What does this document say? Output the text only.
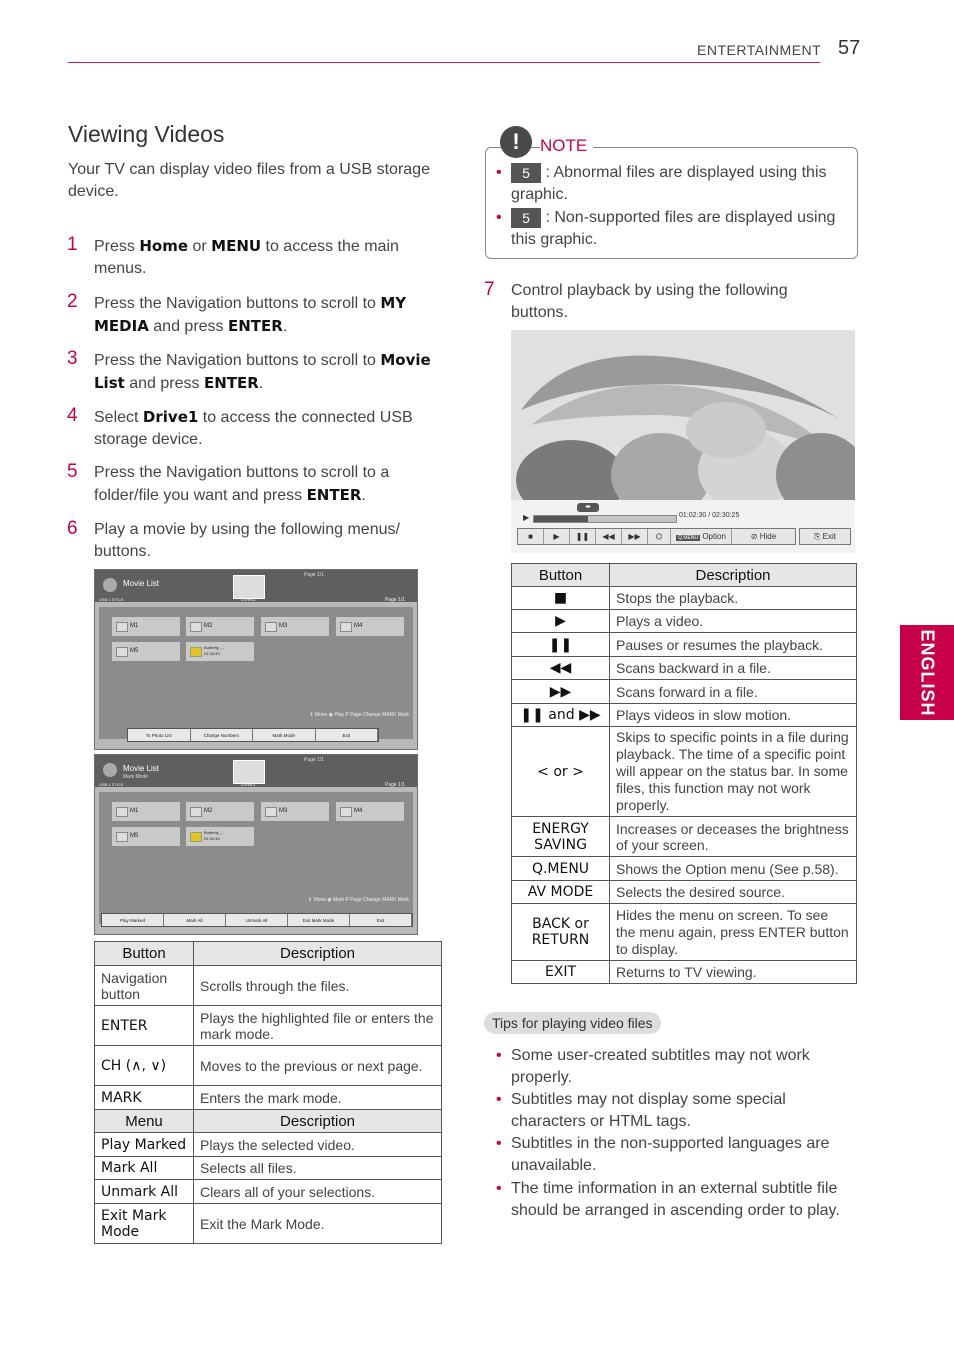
ENTERTAINMENT 57
ENGLISH
Viewing Videos
Your TV can display video files from a USB storage device.
1 Press Home or MENU to access the main menus.
2 Press the Navigation buttons to scroll to MY MEDIA and press ENTER.
3 Press the Navigation buttons to scroll to Movie List and press ENTER.
4 Select Drive1 to access the connected USB storage device.
5 Press the Navigation buttons to scroll to a folder/file you want and press ENTER.
6 Play a movie by using the following menus/ buttons.
Movie List
Page 1/1
USB 1 STICK	Drive1	Page 1/1
M1	M2	M3	M4
M5
Butterfly_...
01:34:33
⇕ Move ◉ Play P Page Change MARK Mark
To Photo List	Change Numbers	Mark Mode	Exit
Movie List
Mark Mode
Page 1/1
USB 1 STICK	Drive1	Page 1/1
M1	M2	M3	M4
M5
Butterfly_...
01:34:33
⇕ Move ◉ Mark P Page Change MARK Mark
Play Marked	Mark All	Unmark All	Exit Mark Mode	Exit
Button	Description
Navigation button	Scrolls through the files.
ENTER	Plays the highlighted file or enters the mark mode.
CH (∧, ∨)	Moves to the previous or next page.
MARK	Enters the mark mode.
Menu	Description
Play Marked	Plays the selected video.
Mark All	Selects all files.
Unmark All	Clears all of your selections.
Exit Mark Mode	Exit the Mark Mode.
!	NOTE
• 5 : Abnormal files are displayed using this graphic.
• 5 : Non-supported files are displayed using this graphic.
7 Control playback by using the following buttons.
▶
◂▸
01:02:30 / 02:30:25
■	▶	❚❚	◀◀	▶▶	⌬	Q.MENU Option	⊘ Hide	⎘ Exit
Button	Description
■	Stops the playback.
▶	Plays a video.
❚❚	Pauses or resumes the playback.
◀◀	Scans backward in a file.
▶▶	Scans forward in a file.
❚❚ and ▶▶	Plays videos in slow motion.
< or >	Skips to specific points in a file during playback. The time of a specific point will appear on the status bar. In some files, this function may not work properly.
ENERGY SAVING	Increases or deceases the brightness of your screen.
Q.MENU	Shows the Option menu (See p.58).
AV MODE	Selects the desired source.
BACK or RETURN	Hides the menu on screen. To see the menu again, press ENTER button to display.
EXIT	Returns to TV viewing.
Tips for playing video files
• Some user-created subtitles may not work properly.
• Subtitles may not display some special characters or HTML tags.
• Subtitles in the non-supported languages are unavailable.
• The time information in an external subtitle file should be arranged in ascending order to play.
